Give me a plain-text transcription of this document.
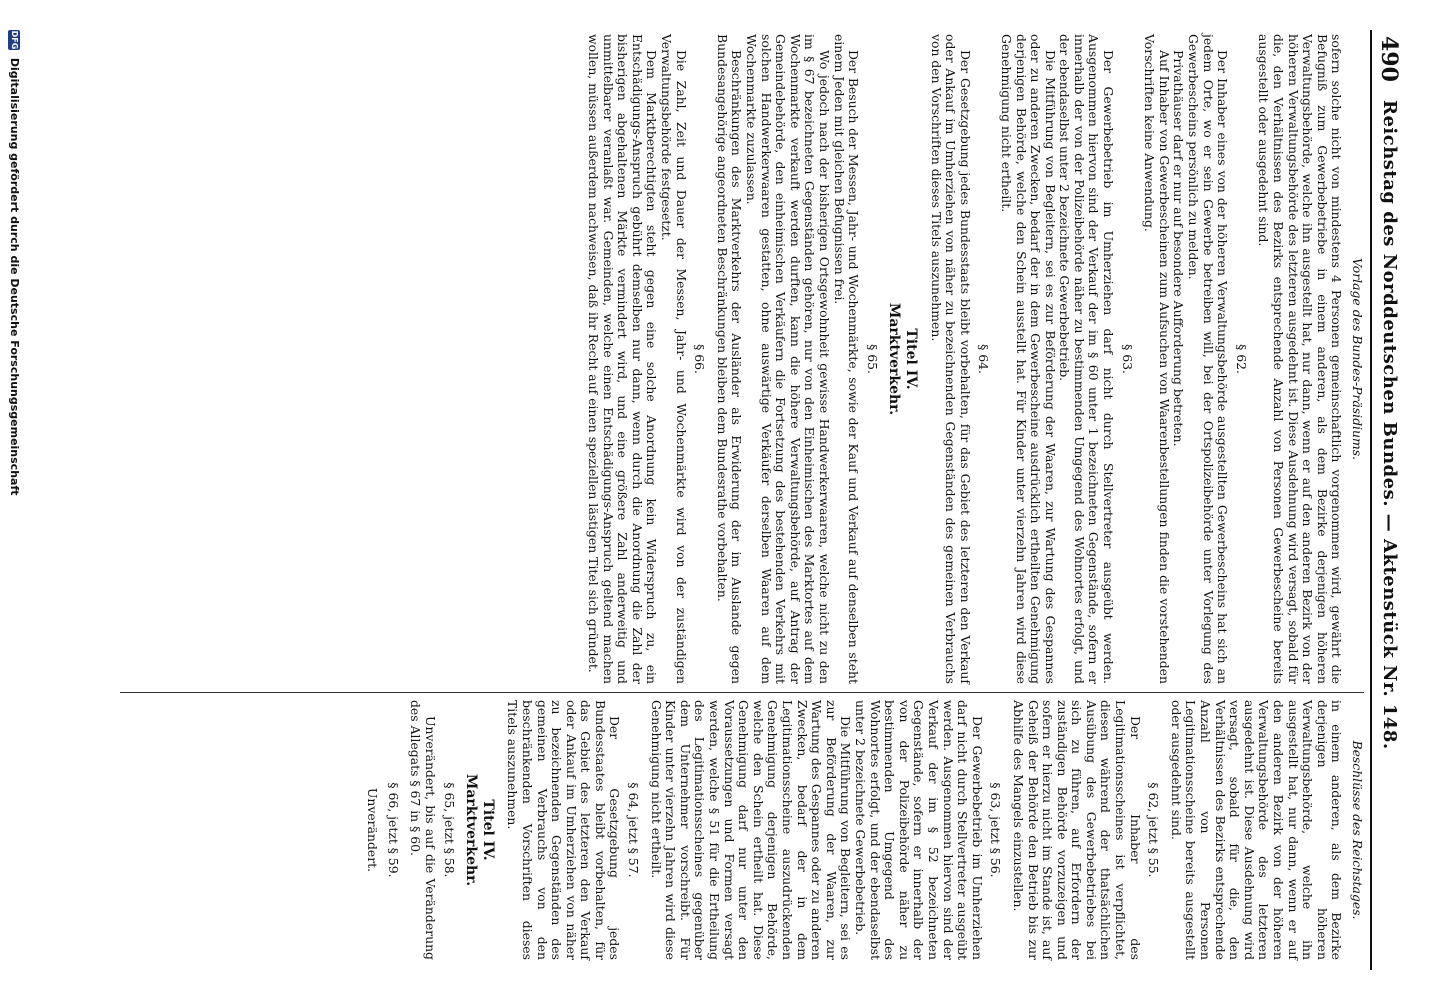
490
Reichstag des Norddeutschen Bundes. — Aktenstück Nr. 148.
Vorlage des Bundes-Präsidiums.

sofern solche nicht von mindestens 4 Personen gemeinschaftlich vorgenommen wird, gewährt die Befugniß zum Gewerbebetriebe in einem anderen, als dem Bezirke derjenigen höheren Verwaltungsbehörde, welche ihn ausgestellt hat, nur dann, wenn er auf den anderen Bezirk von der höheren Verwaltungsbehörde des letzteren ausgedehnt ist. Diese Ausdehnung wird versagt, sobald für die, den Verhältnissen des Bezirks entsprechende Anzahl von Personen Gewerbescheine bereits ausgestellt oder ausgedehnt sind.

§ 62.

Der Inhaber eines von der höheren Verwaltungsbehörde ausgestellten Gewerbescheins hat sich an jedem Orte, wo er sein Gewerbe betreiben will, bei der Ortspolizeibehörde unter Vorlegung des Gewerbescheins persönlich zu melden.

Privathäuser darf er nur auf besondere Aufforderung betreten.

Auf Inhaber von Gewerbescheinen zum Aufsuchen von Waarenbestellungen finden die vorstehenden Vorschriften keine Anwendung.

§ 63.

Der Gewerbebetrieb im Umherziehen darf nicht durch Stellvertreter ausgeübt werden. Ausgenommen hiervon sind der Verkauf der im § 60 unter 1 bezeichneten Gegenstände, sofern er innerhalb der von der Polizeibehörde näher zu bestimmenden Umgegend des Wohnortes erfolgt, und der ebendaselbst unter 2 bezeichnete Gewerbebetrieb.

Die Mitführung von Begleitern, sei es zur Beförderung der Waaren, zur Wartung des Gespannes oder zu anderen Zwecken, bedarf der in dem Gewerbescheine ausdrücklich ertheilten Genehmigung derjenigen Behörde, welche den Schein ausstellt hat. Für Kinder unter vierzehn Jahren wird diese Genehmigung nicht ertheilt.

§ 64.

Der Gesetzgebung jedes Bundesstaats bleibt vorbehalten, für das Gebiet des letzteren den Verkauf oder Ankauf im Umherziehen von näher zu bezeichnenden Gegenständen des gemeinen Verbrauchs von den Vorschriften dieses Titels auszunehmen.

Titel IV.
Marktverkehr.
§ 65.

Der Besuch der Messen, Jahr- und Wochenmärkte, sowie der Kauf und Verkauf auf denselben steht einem Jeden mit gleichen Befugnissen frei.

Wo jedoch nach der bisherigen Ortsgewohnheit gewisse Handwerkerwaaren, welche nicht zu den im § 67 bezeichneten Gegenständen gehören, nur von den Einheimischen des Marktortes auf dem Wochenmarkte verkauft werden durften, kann die höhere Verwaltungsbehörde, auf Antrag der Gemeindebehörde, den einheimischen Verkäufern die Fortsetzung des bestehenden Verkehrs mit solchen Handwerkerwaaren gestatten, ohne auswärtige Verkäufer derselben Waaren auf dem Wochenmarkte zuzulassen.

Beschränkungen des Marktverkehrs der Ausländer als Erwiderung der im Auslande gegen Bundesangehörige angeordneten Beschränkungen bleiben dem Bundesrathe vorbehalten.

§ 66.

Die Zahl, Zeit und Dauer der Messen, Jahr- und Wochenmärkte wird von der zuständigen Verwaltungsbehörde festgesetzt.

Dem Marktberechtigten steht gegen eine solche Anordnung kein Widerspruch zu, ein Entschädigungs-Anspruch gebührt demselben nur dann, wenn durch die Anordnung die Zahl der bisherigen abgehaltenen Märkte vermindert wird, und eine größere Zahl anderweitig und unmittelbarer veranlaßt war. Gemeinden, welche einen Entschädigungs-Anspruch geltend machen wollen, müssen außerdem nachweisen, daß ihr Recht auf einen speziellen lästigen Titel sich gründet.

Beschlüsse des Reichstages.

in einem anderen, als dem Bezirke derjenigen höheren Verwaltungsbehörde, welche ihn ausgestellt hat, nur dann, wenn er auf den anderen Bezirk von der höheren Verwaltungsbehörde des letzteren ausgedehnt ist. Diese Ausdehnung wird versagt, sobald für die, den Verhältnissen des Bezirks entsprechende Anzahl von Personen Legitimationsscheine bereits ausgestellt oder ausgedehnt sind.

§ 62, jetzt § 55.

Der Inhaber des Legitimationsscheines ist verpflichtet, diesen während der thatsächlichen Ausübung des Gewerbebetriebes bei sich zu führen, auf Erfordern der zuständigen Behörde vorzuzeigen und sofern er hierzu nicht im Stande ist, auf Geheiß der Behörde den Betrieb bis zur Abhilfe des Mangels einzustellen.

§ 63, jetzt § 56.

Der Gewerbebetrieb im Umherziehen darf nicht durch Stellvertreter ausgeübt werden. Ausgenommen hiervon sind der Verkauf der im § 52 bezeichneten Gegenstände, sofern er innerhalb der von der Polizeibehörde näher zu bestimmenden Umgegend des Wohnortes erfolgt, und der ebendaselbst unter 2 bezeichnete Gewerbebetrieb.

Die Mitführung von Begleitern, sei es zur Beförderung der Waaren, zur Wartung des Gespannes oder zu anderen Zwecken, bedarf der in dem Legitimationsscheine auszudrückenden Genehmigung derjenigen Behörde, welche den Schein ertheilt hat. Diese Genehmigung darf nur unter den Voraussetzungen und Formen versagt werden, welche § 51 für die Ertheilung des Legitimationsscheines gegenüber dem Unternehmer vorschreibt. Für Kinder unter vierzehn Jahren wird diese Genehmigung nicht ertheilt.

§ 64, jetzt § 57.

Der Gesetzgebung jedes Bundesstaates bleibt vorbehalten, für das Gebiet des letzteren den Verkauf oder Ankauf im Umherziehen von näher zu bezeichnenden Gegenständen des gemeinen Verbrauchs von den beschränkenden Vorschriften dieses Titels auszunehmen.

Titel IV.
Marktverkehr.
§ 65, jetzt § 58.

Unverändert, bis auf die Veränderung des Allegats § 67 in § 60.

§ 66, jetzt § 59.
Unverändert.
DFG Digitalisierung gefördert durch die Deutsche Forschungsgemeinschaft
